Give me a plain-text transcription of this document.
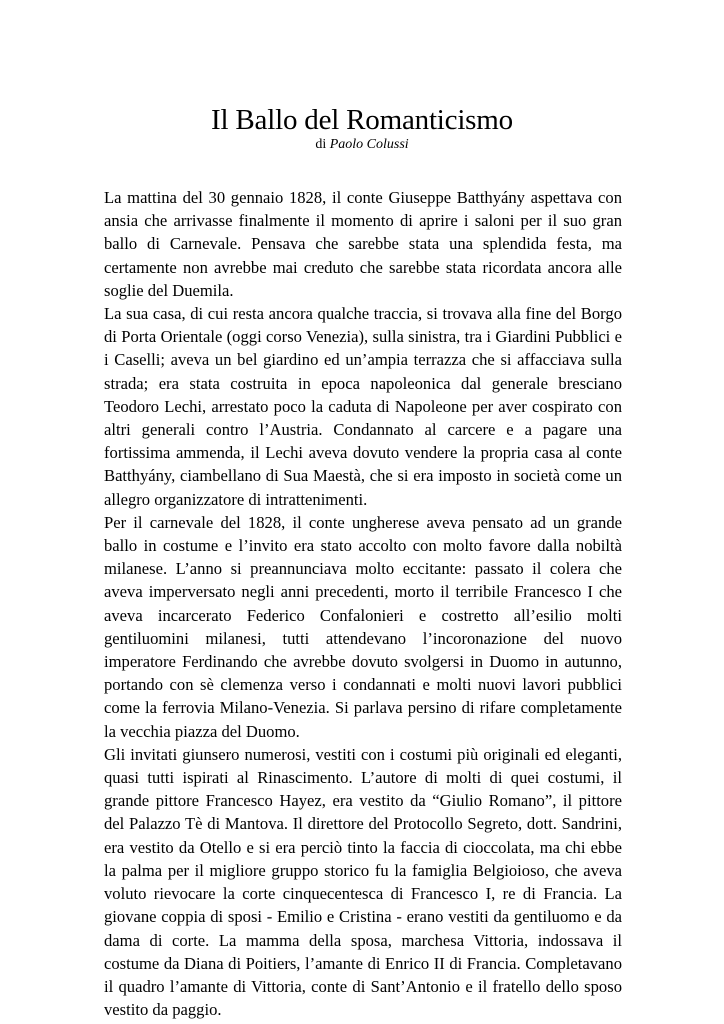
Il Ballo del Romanticismo
di Paolo Colussi

La mattina del 30 gennaio 1828, il conte Giuseppe Batthyány aspettava con ansia che arrivasse finalmente il momento di aprire i saloni per il suo gran ballo di Carnevale. Pensava che sarebbe stata una splendida festa, ma certamente non avrebbe mai creduto che sarebbe stata ricordata ancora alle soglie del Duemila.

La sua casa, di cui resta ancora qualche traccia, si trovava alla fine del Borgo di Porta Orientale (oggi corso Venezia), sulla sinistra, tra i Giardini Pubblici e i Caselli; aveva un bel giardino ed un’ampia terrazza che si affacciava sulla strada; era stata costruita in epoca napoleonica dal generale bresciano Teodoro Lechi, arrestato poco la caduta di Napoleone per aver cospirato con altri generali contro l’Austria. Condannato al carcere e a pagare una fortissima ammenda, il Lechi aveva dovuto vendere la propria casa al conte Batthyány, ciambellano di Sua Maestà, che si era imposto in società come un allegro organizzatore di intrattenimenti.

Per il carnevale del 1828, il conte ungherese aveva pensato ad un grande ballo in costume e l’invito era stato accolto con molto favore dalla nobiltà milanese. L’anno si preannunciava molto eccitante: passato il colera che aveva imperversato negli anni precedenti, morto il terribile Francesco I che aveva incarcerato Federico Confalonieri e costretto all’esilio molti gentiluomini milanesi, tutti attendevano l’incoronazione del nuovo imperatore Ferdinando che avrebbe dovuto svolgersi in Duomo in autunno, portando con sè clemenza verso i condannati e molti nuovi lavori pubblici come la ferrovia Milano-Venezia. Si parlava persino di rifare completamente la vecchia piazza del Duomo.

Gli invitati giunsero numerosi, vestiti con i costumi più originali ed eleganti, quasi tutti ispirati al Rinascimento. L’autore di molti di quei costumi, il grande pittore Francesco Hayez, era vestito da “Giulio Romano”, il pittore del Palazzo Tè di Mantova. Il direttore del Protocollo Segreto, dott. Sandrini, era vestito da Otello e si era perciò tinto la faccia di cioccolata, ma chi ebbe la palma per il migliore gruppo storico fu la famiglia Belgioioso, che aveva voluto rievocare la corte cinquecentesca di Francesco I, re di Francia. La giovane coppia di sposi - Emilio e Cristina - erano vestiti da gentiluomo e da dama di corte. La mamma della sposa, marchesa Vittoria, indossava il costume da Diana di Poitiers, l’amante di Enrico II di Francia. Completavano il quadro l’amante di Vittoria, conte di Sant’Antonio e il fratello dello sposo vestito da paggio.
